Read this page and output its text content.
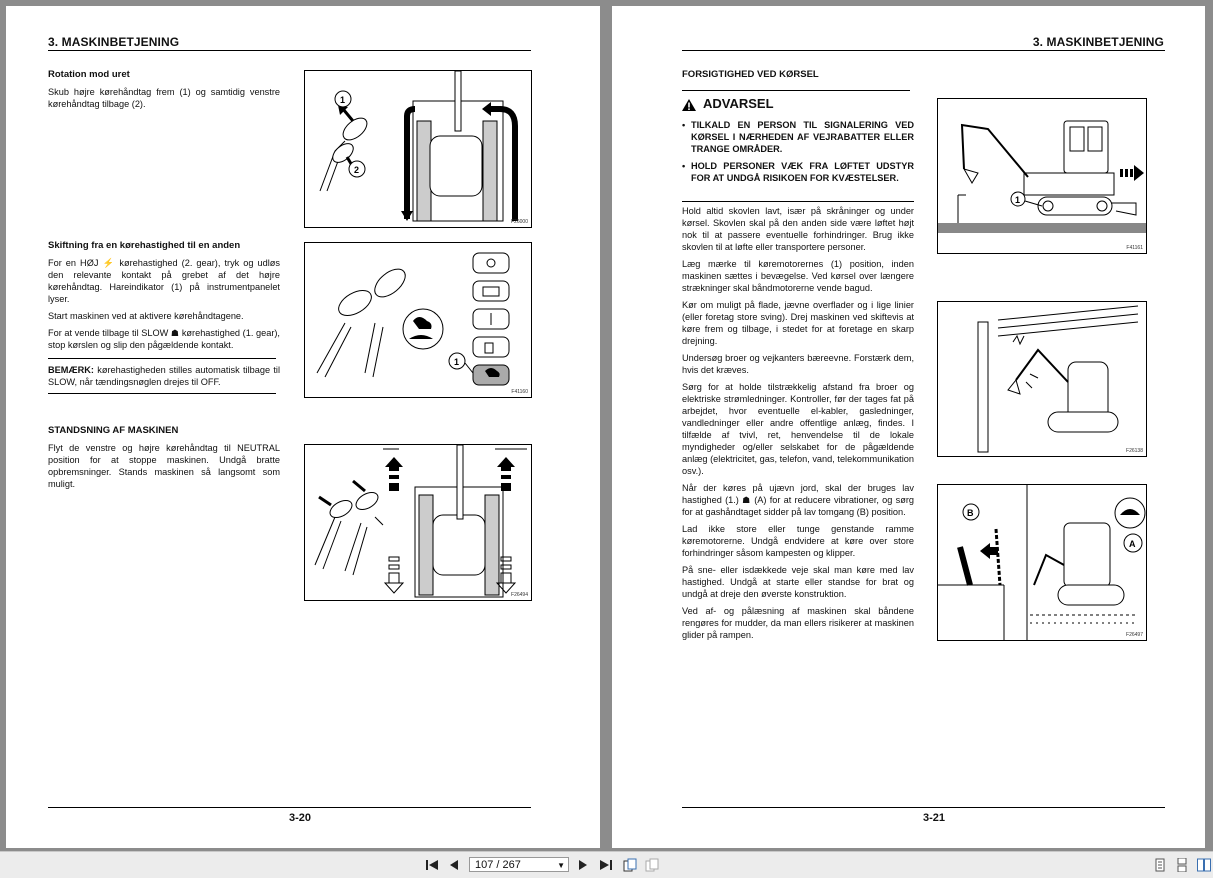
3. MASKINBETJENING
Rotation mod uret
Skub højre kørehåndtag frem (1) og samtidig venstre kørehåndtag tilbage (2).	1
2
F26000
Skiftning fra en kørehastighed til en anden

For en HØJ ⚡ kørehastighed (2. gear), tryk og udløs den relevante kontakt på grebet af det højre kørehåndtag. Hareindikator (1) på instrumentpanelet lyser.

Start maskinen ved at aktivere kørehåndtagene.

For at vende tilbage til SLOW ☗ kørehastighed (1. gear), stop kørslen og slip den pågældende kontakt.

BEMÆRK: kørehastigheden stilles automatisk tilbage til SLOW, når tændingsnøglen drejes til OFF.
1
F41160
STANDSNING AF MASKINEN
Flyt de venstre og højre kørehåndtag til NEUTRAL position for at stoppe maskinen. Undgå bratte opbremsninger. Stands maskinen så langsomt som muligt.
F26494
3-20
3. MASKINBETJENING
FORSIGTIGHED VED KØRSEL
ADVARSEL
• TILKALD EN PERSON TIL SIGNALERING VED KØRSEL I NÆRHEDEN AF VEJRABATTER ELLER TRANGE OMRÅDER.
• HOLD PERSONER VÆK FRA LØFTET UDSTYR FOR AT UNDGÅ RISIKOEN FOR KVÆSTELSER.

Hold altid skovlen lavt, især på skråninger og under kørsel. Skovlen skal på den anden side være løftet højt nok til at passere eventuelle forhindringer. Brug ikke skovlen til at løfte eller transportere personer.

Læg mærke til køremotorernes (1) position, inden maskinen sættes i bevægelse. Ved kørsel over længere strækninger skal båndmotorerne vende bagud.

Kør om muligt på flade, jævne overflader og i lige linier (eller foretag store sving). Drej maskinen ved skiftevis at køre frem og tilbage, i stedet for at foretage en skarp drejning.

Undersøg broer og vejkanters bæreevne. Forstærk dem, hvis det kræves.

Sørg for at holde tilstrækkelig afstand fra broer og elektriske strømledninger. Kontroller, før der tages fat på arbejdet, hvor eventuelle el-kabler, gasledninger, vandledninger eller andre offentlige anlæg, findes. I tilfælde af tvivl, ret, henvendelse til de lokale myndigheder og/eller selskabet for de pågældende anlæg (elektricitet, gas, telefon, vand, telekommunikation osv.).

Når der køres på ujævn jord, skal der bruges lav hastighed (1.) ☗ (A) for at reducere vibrationer, og sørg for at gashåndtaget sidder på lav tomgang (B) position.

Lad ikke store eller tunge genstande ramme køremotorerne. Undgå endvidere at køre over store forhindringer såsom kampesten og klipper.

På sne- eller isdækkede veje skal man køre med lav hastighed. Undgå at starte eller standse for brat og undgå at dreje den øverste konstruktion.

Ved af- og pålæsning af maskinen skal båndene rengøres for mudder, da man ellers risikerer at maskinen glider på rampen.

1
F41161
F26138
B
A
F26497
3-21
107 / 267	▼
